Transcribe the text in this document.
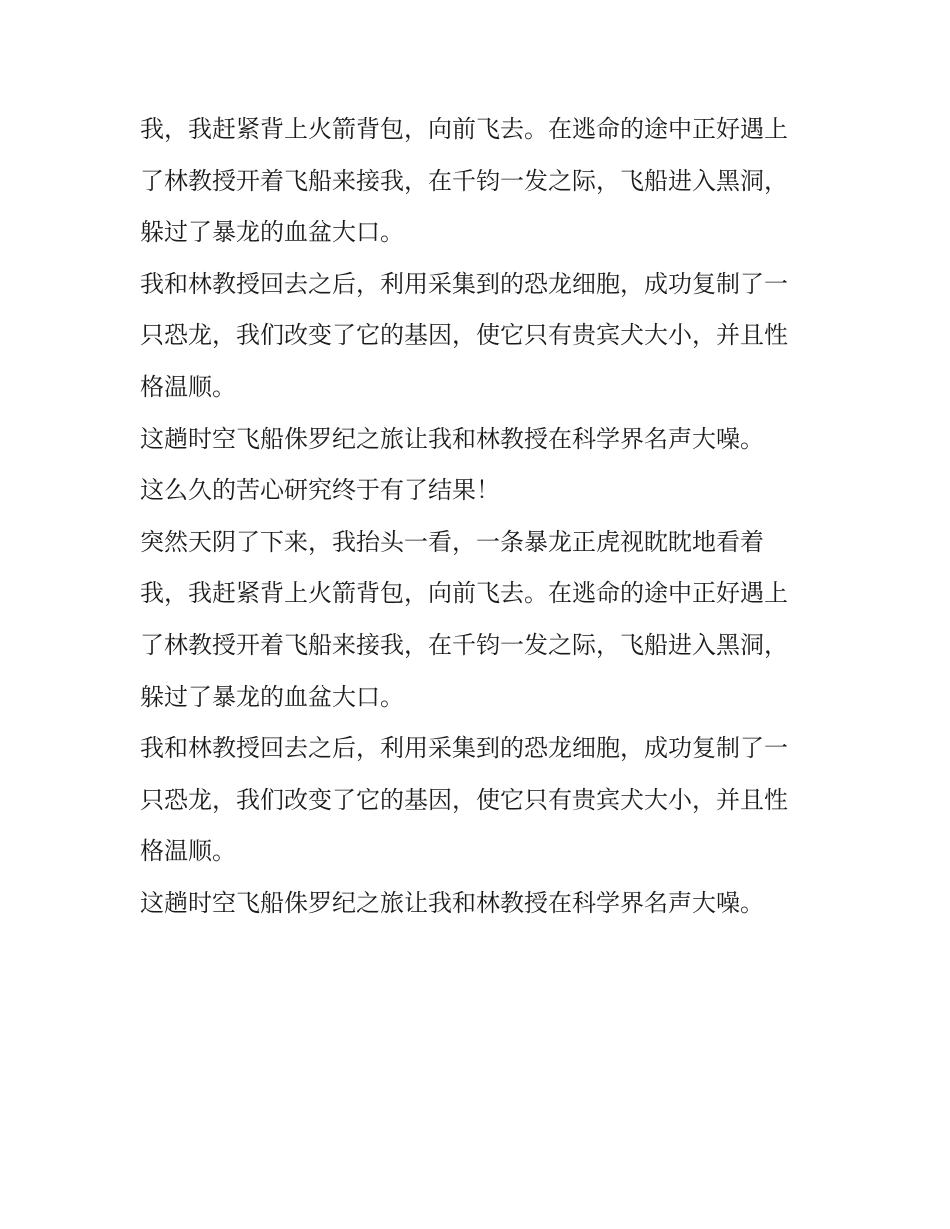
我，我赶紧背上火箭背包，向前飞去。在逃命的途中正好遇上
了林教授开着飞船来接我，在千钧一发之际，飞船进入黑洞，
躲过了暴龙的血盆大口。
我和林教授回去之后，利用采集到的恐龙细胞，成功复制了一
只恐龙，我们改变了它的基因，使它只有贵宾犬大小，并且性
格温顺。
这趟时空飞船侏罗纪之旅让我和林教授在科学界名声大噪。
这么久的苦心研究终于有了结果！
突然天阴了下来，我抬头一看，一条暴龙正虎视眈眈地看着
我，我赶紧背上火箭背包，向前飞去。在逃命的途中正好遇上
了林教授开着飞船来接我，在千钧一发之际，飞船进入黑洞，
躲过了暴龙的血盆大口。
我和林教授回去之后，利用采集到的恐龙细胞，成功复制了一
只恐龙，我们改变了它的基因，使它只有贵宾犬大小，并且性
格温顺。
这趟时空飞船侏罗纪之旅让我和林教授在科学界名声大噪。
